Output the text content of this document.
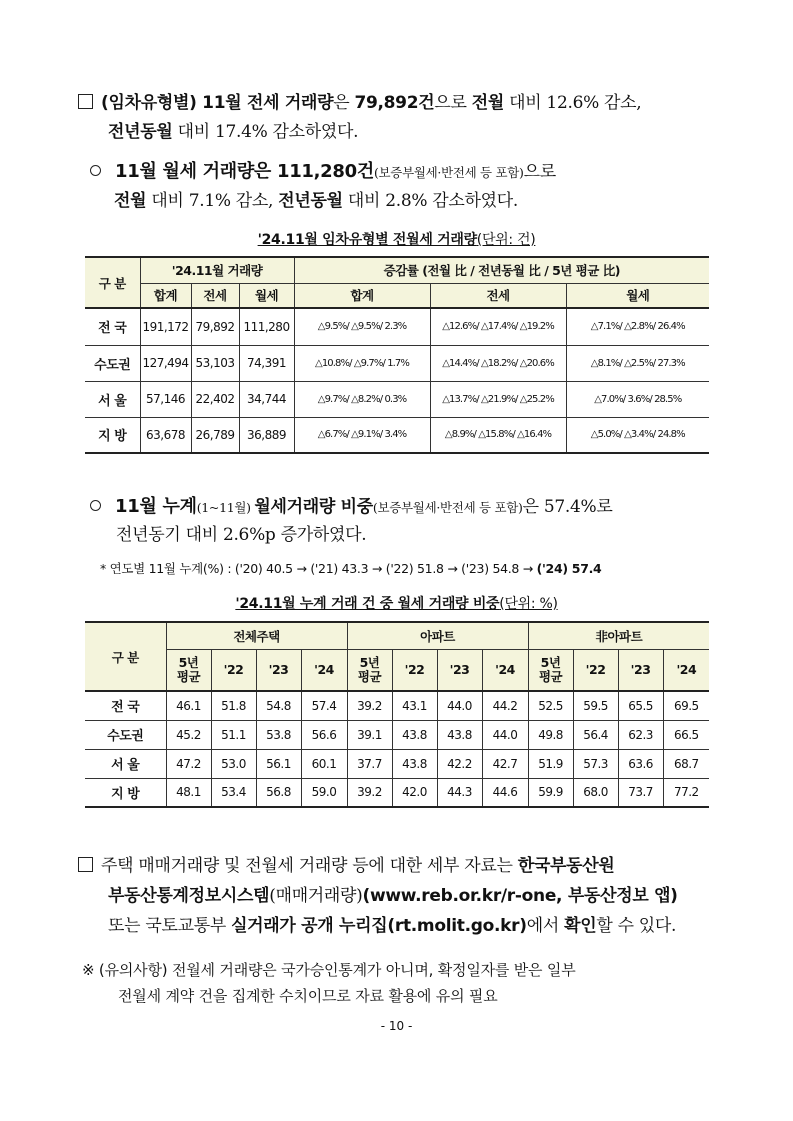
(임차유형별) 11월 전세 거래량은 79,892건으로 전월 대비 12.6% 감소,
전년동월 대비 17.4% 감소하였다.
11월 월세 거래량은 111,280건(보증부월세·반전세 등 포함)으로
전월 대비 7.1% 감소, 전년동월 대비 2.8% 감소하였다.
'24.11월 임차유형별 전월세 거래량(단위: 건)
구 분	'24.11월 거래량			증감률 (전월 比 / 전년동월 比 / 5년 평균 比)		
	합계	전세	월세	합계	전세	월세
전 국	191,172	79,892	111,280	△9.5%/ △9.5%/ 2.3%	△12.6%/ △17.4%/ △19.2%	△7.1%/ △2.8%/ 26.4%
수도권	127,494	53,103	74,391	△10.8%/ △9.7%/ 1.7%	△14.4%/ △18.2%/ △20.6%	△8.1%/ △2.5%/ 27.3%
서 울	57,146	22,402	34,744	△9.7%/ △8.2%/ 0.3%	△13.7%/ △21.9%/ △25.2%	△7.0%/ 3.6%/ 28.5%
지 방	63,678	26,789	36,889	△6.7%/ △9.1%/ 3.4%	△8.9%/ △15.8%/ △16.4%	△5.0%/ △3.4%/ 24.8%
11월 누계(1~11월) 월세거래량 비중(보증부월세·반전세 등 포함)은 57.4%로
전년동기 대비 2.6%p 증가하였다.
* 연도별 11월 누계(%) : ('20) 40.5 → ('21) 43.3 → ('22) 51.8 → ('23) 54.8 → ('24) 57.4
'24.11월 누계 거래 건 중 월세 거래량 비중(단위: %)
구 분	전체주택				아파트				非아파트			
	5년
평균	'22	'23	'24	5년
평균	'22	'23	'24	5년
평균	'22	'23	'24
전 국	46.1	51.8	54.8	57.4	39.2	43.1	44.0	44.2	52.5	59.5	65.5	69.5
수도권	45.2	51.1	53.8	56.6	39.1	43.8	43.8	44.0	49.8	56.4	62.3	66.5
서 울	47.2	53.0	56.1	60.1	37.7	43.8	42.2	42.7	51.9	57.3	63.6	68.7
지 방	48.1	53.4	56.8	59.0	39.2	42.0	44.3	44.6	59.9	68.0	73.7	77.2
주택 매매거래량 및 전월세 거래량 등에 대한 세부 자료는 한국부동산원
부동산통계정보시스템(매매거래량)(www.reb.or.kr/r-one, 부동산정보 앱)
또는 국토교통부 실거래가 공개 누리집(rt.molit.go.kr)에서 확인할 수 있다.
※ (유의사항) 전월세 거래량은 국가승인통계가 아니며, 확정일자를 받은 일부
전월세 계약 건을 집계한 수치이므로 자료 활용에 유의 필요
- 10 -
